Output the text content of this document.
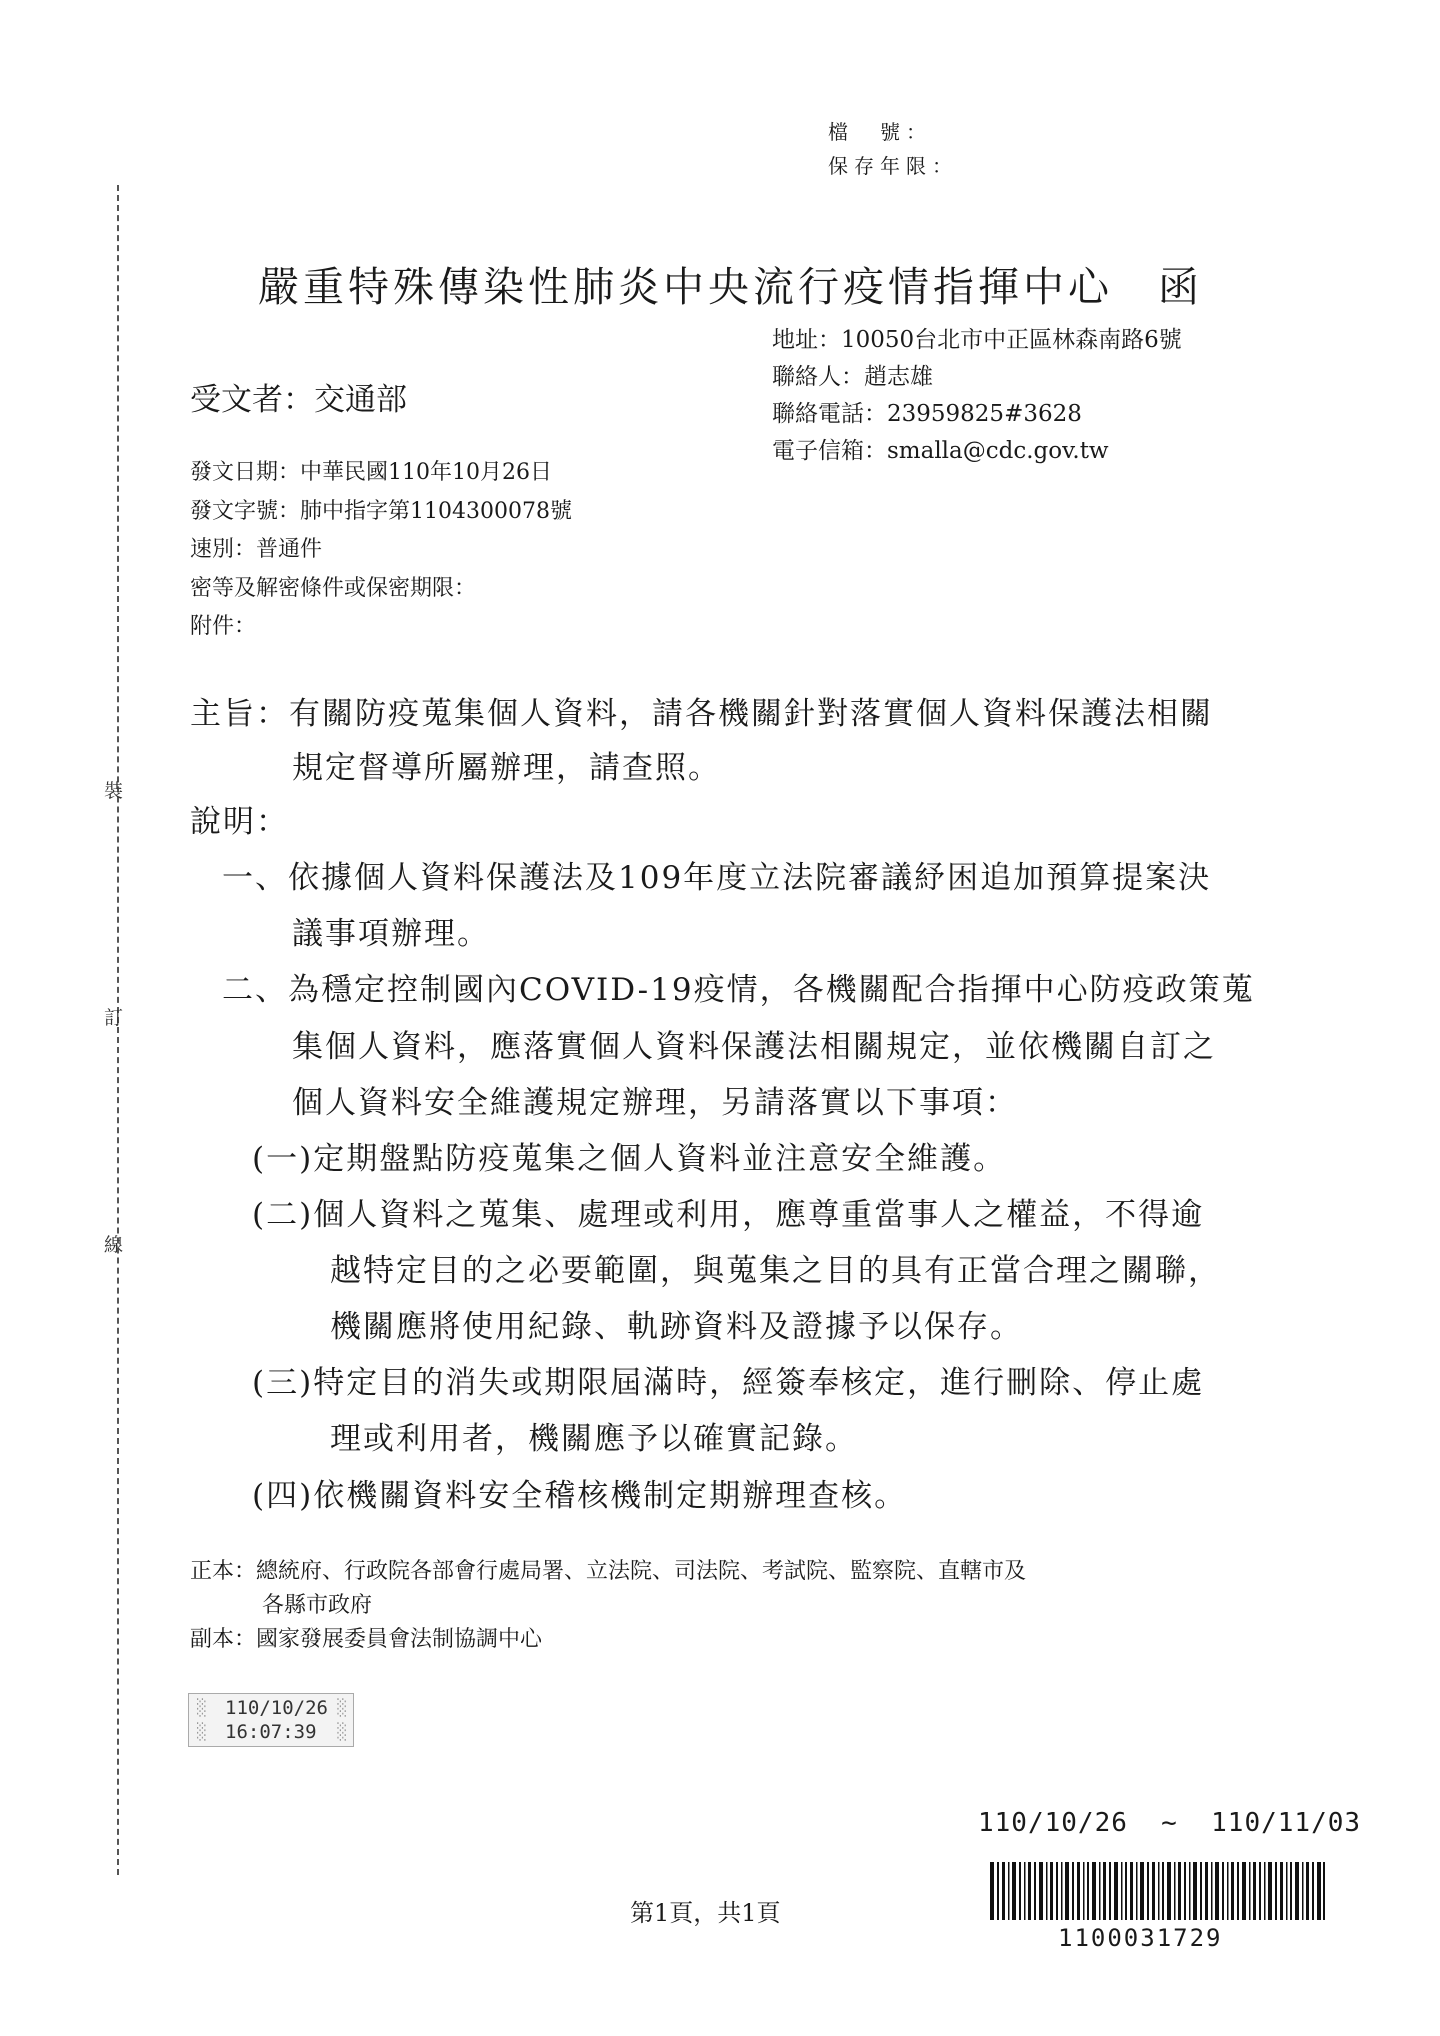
裝
訂
線
檔　號：
保存年限：
嚴重特殊傳染性肺炎中央流行疫情指揮中心　函
地址：10050台北市中正區林森南路6號
聯絡人：趙志雄
聯絡電話：23959825#3628
電子信箱：smalla@cdc.gov.tw
受文者：交通部
發文日期：中華民國110年10月26日
發文字號：肺中指字第1104300078號
速別：普通件
密等及解密條件或保密期限：
附件：
主旨：有關防疫蒐集個人資料，請各機關針對落實個人資料保護法相關
規定督導所屬辦理，請查照。
說明：
一、依據個人資料保護法及109年度立法院審議紓困追加預算提案決
議事項辦理。
二、為穩定控制國內COVID-19疫情，各機關配合指揮中心防疫政策蒐
集個人資料，應落實個人資料保護法相關規定，並依機關自訂之
個人資料安全維護規定辦理，另請落實以下事項：
(一)定期盤點防疫蒐集之個人資料並注意安全維護。
(二)個人資料之蒐集、處理或利用，應尊重當事人之權益，不得逾
越特定目的之必要範圍，與蒐集之目的具有正當合理之關聯，
機關應將使用紀錄、軌跡資料及證據予以保存。
(三)特定目的消失或期限屆滿時，經簽奉核定，進行刪除、停止處
理或利用者，機關應予以確實記錄。
(四)依機關資料安全稽核機制定期辦理查核。
正本：總統府、行政院各部會行處局署、立法院、司法院、考試院、監察院、直轄市及
各縣市政府
副本：國家發展委員會法制協調中心
░
░
110/10/26
16:07:39
░
░
110/10/26  ~  110/11/03
1100031729
第1頁，共1頁
